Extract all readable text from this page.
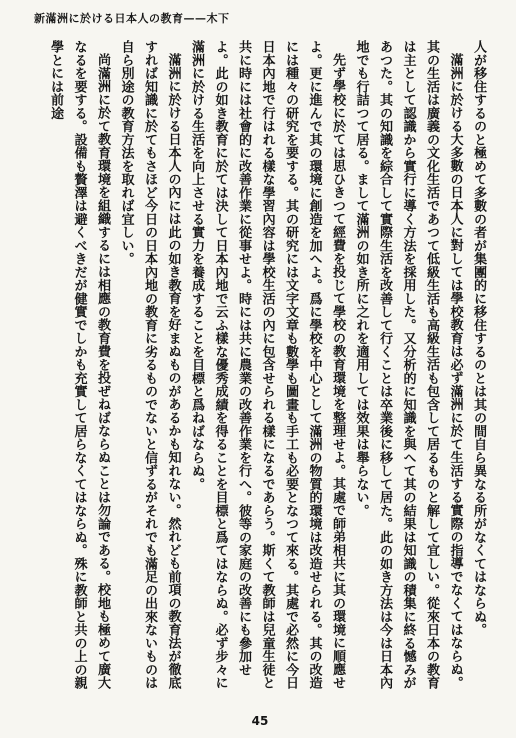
新滿洲に於ける日本人の教育——木下

人が移住するのと極めて多數の者が集團的に移住するのとは其の間自ら異なる所がなくてはならぬ。

滿洲に於ける大多數の日本人に對しては學校教育は必ず滿洲に於て生活する實際の指導でなくてはならぬ。其の生活は廣義の文化生活であつて低級生活も高級生活も包含して居るものと解して宜しい。從來日本の教育は主として認識から實行に導く方法を採用した。又分析的に知識を與へて其の結果は知識の積集に終る憾みがあつた。其の知識を綜合して實際生活を改善して行くことは卒業後に移して居た。此の如き方法は今は日本內地でも行詰つて居る。まして滿洲の如き所に之れを適用しては效果は舉らない。

先ず學校に於ては思ひきつて經費を投じて學校の教育環境を整理せよ。其處で師弟相共に其の環境に順應せよ。更に進んで其の環境に創造を加へよ。爲に學校を中心として滿洲の物質的環境は改造せられる。其の改造には種々の研究を要する。其の研究には文字文章も數學も圖畫も手工も必要となつて來る。其處で必然に今日日本內地で行はれる樣な學習內容は學校生活の內に包含せられる樣になるであらう。斯くて教師は兒童生徒と共に時には社會的に改善作業に從事せよ。時には共に農業の改善作業を行へ。彼等の家庭の改善にも參加せよ。此の如き教育に於ては決して日本內地で云ふ樣な優秀成績を得ることを目標と爲てはならぬ。必ず步々に滿洲に於ける生活を向上させる實力を養成することを目標と爲ねばならぬ。

滿洲に於ける日本人の內には此の如き教育を好まぬものがあるかも知れない。然れども前項の教育法が徹底すれば知識に於てもさほど今日の日本內地の教育に劣るものでないと信ずるがそれでも滿足の出來ないものは自ら別途の教育方法を取れば宜しい。

尚滿洲に於て教育環境を組織するには相應の教育費を投ぜねばならぬことは勿論である。校地も極めて廣大なるを要する。設備も贅澤は避くべきだが健實でしかも充實して居らなくてはならぬ。殊に教師と共の上の親學とには前途

45
